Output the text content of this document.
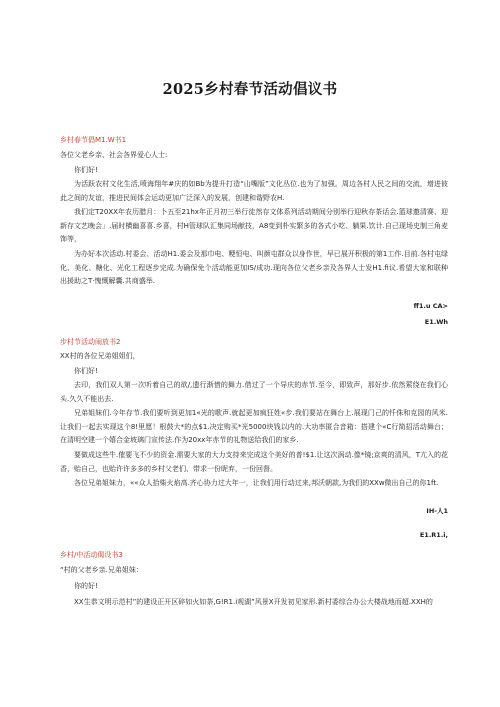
2025乡村春节活动倡议书
乡村春节倡M1.W书1
各位父老乡亲、社会各界爱心人士:
你们好!
为活跃农村文化生活,喷海翔年#庆的如Bb为提升打造“山嘴版”文化丛位.也为了加强。周边各村人民之间的交流，增进彼此之间的友谊，推进民间体会运动更加广泛深入的发展，创建和谐野农H.
我们定T20XX年农历腊月：卜五至21hx年正月初三举行徒然存文体系列活动期间分别举行迎秋存茶话会.篮球邀清赛、迎新存文艺晚会」.届时横幽喜喜.乡喜，村H管球队汇集同场献技，A8变到朴实繁多的各式小吃、躺果.饮计.自己现场史制三角麦饰等，
为办好本次活动.村委会、活动H1.委会及那巾电、粳恒电、叫颜屯群众以身作世，早已展开积极的第1工作.目前.各村屯绿化、美化、糖化、光化工程逐步完成.为确保免个活动能更加IS/成功.现向各位父老乡亲及各界人士发H1.fi议.希望大家和联种出援助之T·愧慨解囊.共商盛举.
ff1.u CA>
E1.Wh
步村节活动闹放书2
XX村的各位兄弟姐姐们，
你们好!
去印，我们双人第一次听着自己的欲/,遗行渐惜的舞力.借过了一个导庆的赤节.至今，即致声，那好步.依然萦绕在我们心头.久久不能出去.
兄弟姐妹们.今年存节.我们要听到更加1«光的歌声.就起更加疯狂姓«步.我们要站在舞台上.展现门己的忏侏和克园的风米.让我们一起去实现这个8!里愿！根鼓大*的点$1.决定购买*光5000块钱以内的.大功率匿合音箱：搭建个«C行简招活动舞台；在清明空建一个嬉合金坡璃门宣传法.作为20xx年赤节的礼物送给我们的家乡.
要做成这些牛.傕要飞不少的资金.需要大家的大力支持来完成这个美好的普!$1.让这次涡动.像*镜;京爽的清风，T亢入的花香，贻自己，也贻许许多多的乡村父老们、带求一份昵弃，一份回督。
各位兄弟姐妹力，««众人拾柴火焰高.齐心协力过大年一，让我们用行动过来,邦沃朝款,为我们的XXw微出自己的你1ft.
IH-人1
E1.R1.i,
乡村/中活动偈设书3
“村的父老乡亲.兄弟姐妹：
你的好!
XX生恭文明示范村”的建设正开区碎如火如荼,G!R1.i观湖”风景X开发初见家形.新村委综合办公大楼战地而超.XXH的
